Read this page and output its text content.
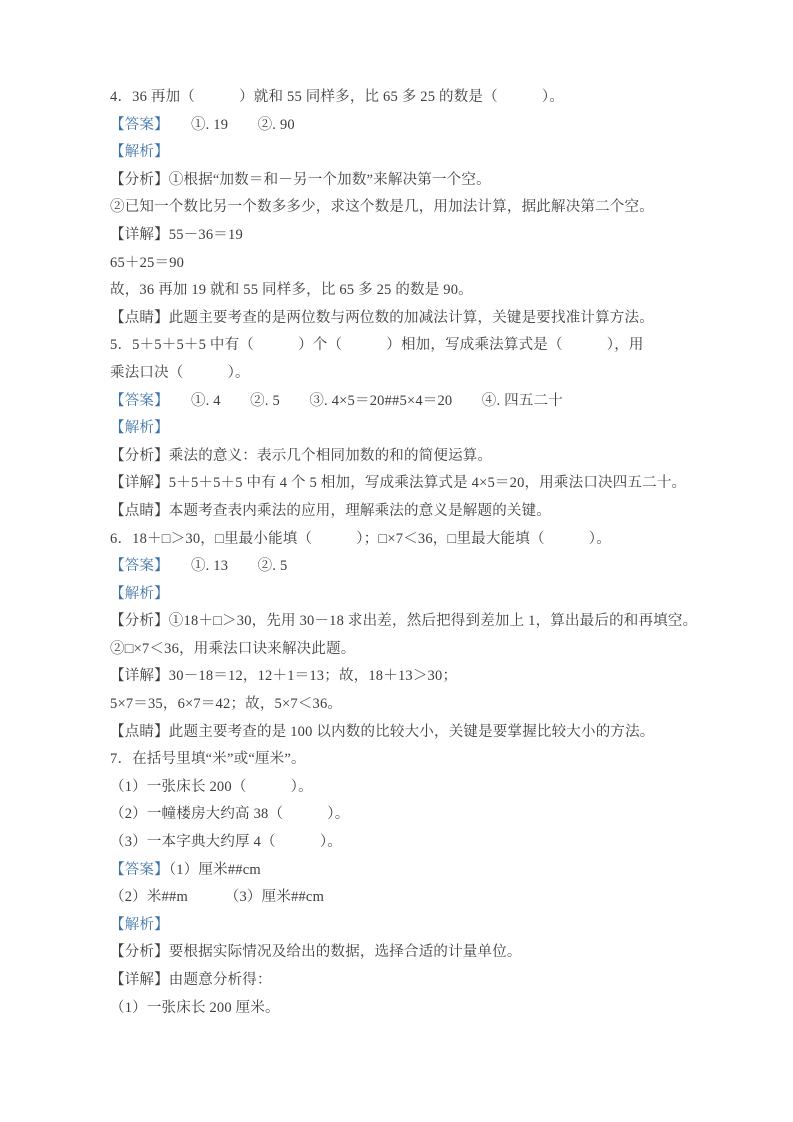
4．36 再加（　　　）就和 55 同样多，比 65 多 25 的数是（　　　）。
【答案】　　①. 19　　②. 90
【解析】
【分析】①根据“加数＝和－另一个加数”来解决第一个空。
②已知一个数比另一个数多多少，求这个数是几，用加法计算，据此解决第二个空。
【详解】55－36＝19
65＋25＝90
故，36 再加 19 就和 55 同样多，比 65 多 25 的数是 90。
【点睛】此题主要考查的是两位数与两位数的加减法计算，关键是要找准计算方法。
5．5＋5＋5＋5 中有（　　　）个（　　　）相加，写成乘法算式是（　　　），用
乘法口决（　　　）。
【答案】　　①. 4　　②. 5　　③. 4×5＝20##5×4＝20　　④. 四五二十
【解析】
【分析】乘法的意义：表示几个相同加数的和的简便运算。
【详解】5＋5＋5＋5 中有 4 个 5 相加，写成乘法算式是 4×5＝20，用乘法口决四五二十。
【点睛】本题考查表内乘法的应用，理解乘法的意义是解题的关键。
6．18＋□＞30，□里最小能填（　　　）；□×7＜36，□里最大能填（　　　）。
【答案】　　①. 13　　②. 5
【解析】
【分析】①18＋□＞30，先用 30－18 求出差，然后把得到差加上 1，算出最后的和再填空。
②□×7＜36，用乘法口诀来解决此题。
【详解】30－18＝12，12＋1＝13；故，18＋13＞30；
5×7＝35，6×7＝42；故，5×7＜36。
【点睛】此题主要考查的是 100 以内数的比较大小，关键是要掌握比较大小的方法。
7．在括号里填“米”或“厘米”。
（1）一张床长 200（　　　）。
（2）一幢楼房大约高 38（　　　）。
（3）一本字典大约厚 4（　　　）。
【答案】（1）厘米##cm
（2）米##m　　　（3）厘米##cm
【解析】
【分析】要根据实际情况及给出的数据，选择合适的计量单位。
【详解】由题意分析得：
（1）一张床长 200 厘米。
